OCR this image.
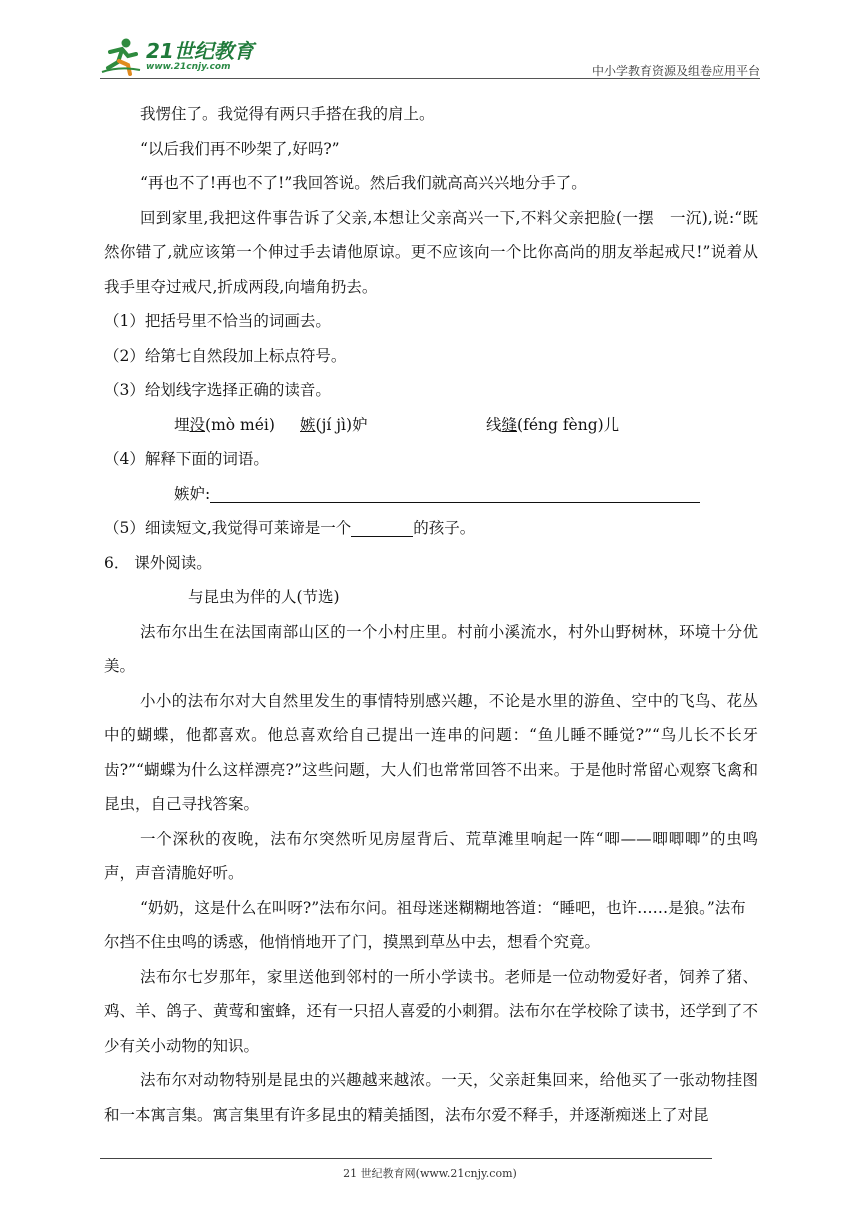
21世纪教育
www.21cnjy.com	中小学教育资源及组卷应用平台

我愣住了。我觉得有两只手搭在我的肩上。

“以后我们再不吵架了,好吗?”

“再也不了!再也不了!”我回答说。然后我们就高高兴兴地分手了。

回到家里,我把这件事告诉了父亲,本想让父亲高兴一下,不料父亲把脸(一摆　一沉),说:“既然你错了,就应该第一个伸过手去请他原谅。更不应该向一个比你高尚的朋友举起戒尺!”说着从我手里夺过戒尺,折成两段,向墙角扔去。

（1）把括号里不恰当的词画去。

（2）给第七自然段加上标点符号。

（3）给划线字选择正确的读音。

埋没(mò méi)	嫉(jí jì)妒	线缝(féng fèng)儿

（4）解释下面的词语。

嫉妒:

（5）细读短文,我觉得可莱谛是一个	的孩子。

6． 课外阅读。

与昆虫为伴的人(节选)

法布尔出生在法国南部山区的一个小村庄里。村前小溪流水，村外山野树林，环境十分优美。

小小的法布尔对大自然里发生的事情特别感兴趣，不论是水里的游鱼、空中的飞鸟、花丛中的蝴蝶，他都喜欢。他总喜欢给自己提出一连串的问题：“鱼儿睡不睡觉?”“鸟儿长不长牙齿?”“蝴蝶为什么这样漂亮?”这些问题，大人们也常常回答不出来。于是他时常留心观察飞禽和昆虫，自己寻找答案。

一个深秋的夜晚，法布尔突然听见房屋背后、荒草滩里响起一阵“唧——唧唧唧”的虫鸣声，声音清脆好听。

“奶奶，这是什么在叫呀?”法布尔问。祖母迷迷糊糊地答道：“睡吧，也许……是狼。”法布尔挡不住虫鸣的诱惑，他悄悄地开了门，摸黑到草丛中去，想看个究竟。

法布尔七岁那年，家里送他到邻村的一所小学读书。老师是一位动物爱好者，饲养了猪、鸡、羊、鸽子、黄莺和蜜蜂，还有一只招人喜爱的小刺猬。法布尔在学校除了读书，还学到了不少有关小动物的知识。

法布尔对动物特别是昆虫的兴趣越来越浓。一天，父亲赶集回来，给他买了一张动物挂图和一本寓言集。寓言集里有许多昆虫的精美插图，法布尔爱不释手，并逐渐痴迷上了对昆

21 世纪教育网(www.21cnjy.com)
